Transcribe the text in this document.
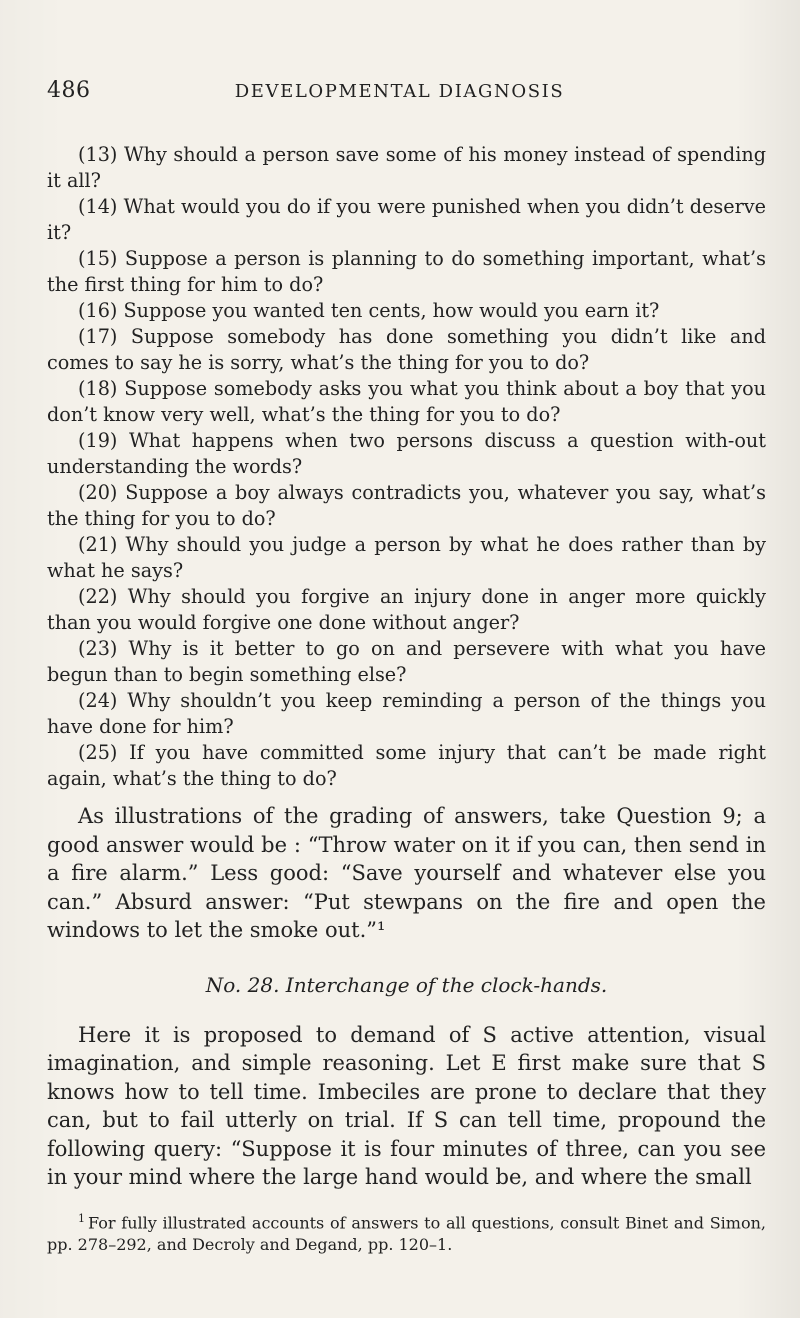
486	DEVELOPMENTAL DIAGNOSIS

(13) Why should a person save some of his money instead of spending it all?

(14) What would you do if you were punished when you didn’t deserve it?

(15) Suppose a person is planning to do something important, what’s the first thing for him to do?

(16) Suppose you wanted ten cents, how would you earn it?

(17) Suppose somebody has done something you didn’t like and comes to say he is sorry, what’s the thing for you to do?

(18) Suppose somebody asks you what you think about a boy that you don’t know very well, what’s the thing for you to do?

(19) What happens when two persons discuss a question with-out understanding the words?

(20) Suppose a boy always contradicts you, whatever you say, what’s the thing for you to do?

(21) Why should you judge a person by what he does rather than by what he says?

(22) Why should you forgive an injury done in anger more quickly than you would forgive one done without anger?

(23) Why is it better to go on and persevere with what you have begun than to begin something else?

(24) Why shouldn’t you keep reminding a person of the things you have done for him?

(25) If you have committed some injury that can’t be made right again, what’s the thing to do?

As illustrations of the grading of answers, take Question 9; a good answer would be : “Throw water on it if you can, then send in a fire alarm.” Less good: “Save yourself and whatever else you can.” Absurd answer: “Put stewpans on the fire and open the windows to let the smoke out.”¹

No. 28. Interchange of the clock-hands.

Here it is proposed to demand of S active attention, visual imagination, and simple reasoning. Let E first make sure that S knows how to tell time. Imbeciles are prone to declare that they can, but to fail utterly on trial. If S can tell time, propound the following query: “Suppose it is four minutes of three, can you see in your mind where the large hand would be, and where the small

$^1$ For fully illustrated accounts of answers to all questions, consult Binet and Simon, pp. 278–292, and Decroly and Degand, pp. 120–1.
